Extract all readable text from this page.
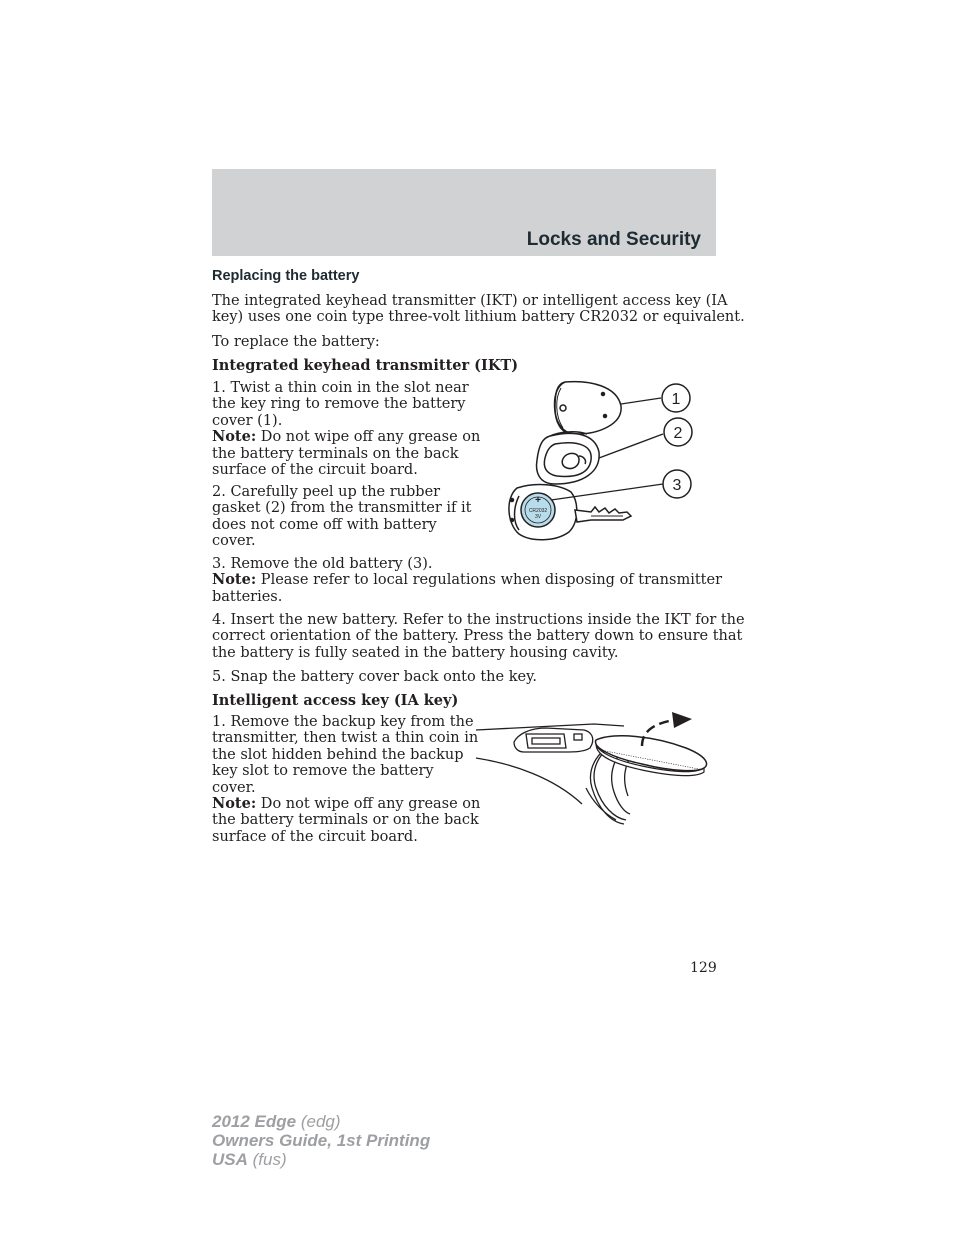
Locks and Security
Replacing the battery
The integrated keyhead transmitter (IKT) or intelligent access key (IA
key) uses one coin type three-volt lithium battery CR2032 or equivalent.
To replace the battery:
Integrated keyhead transmitter (IKT)
1. Twist a thin coin in the slot near
the key ring to remove the battery
cover (1).
Note: Do not wipe off any grease on
the battery terminals on the back
surface of the circuit board.
2. Carefully peel up the rubber
gasket (2) from the transmitter if it
does not come off with battery
cover.
3. Remove the old battery (3).
Note: Please refer to local regulations when disposing of transmitter
batteries.
4. Insert the new battery. Refer to the instructions inside the IKT for the
correct orientation of the battery. Press the battery down to ensure that
the battery is fully seated in the battery housing cavity.
5. Snap the battery cover back onto the key.
Intelligent access key (IA key)
1. Remove the backup key from the
transmitter, then twist a thin coin in
the slot hidden behind the backup
key slot to remove the battery
cover.
Note: Do not wipe off any grease on
the battery terminals or on the back
surface of the circuit board.
+
CR2032
3V
1
2
3
129
2012 Edge (edg)
Owners Guide, 1st Printing
USA (fus)
